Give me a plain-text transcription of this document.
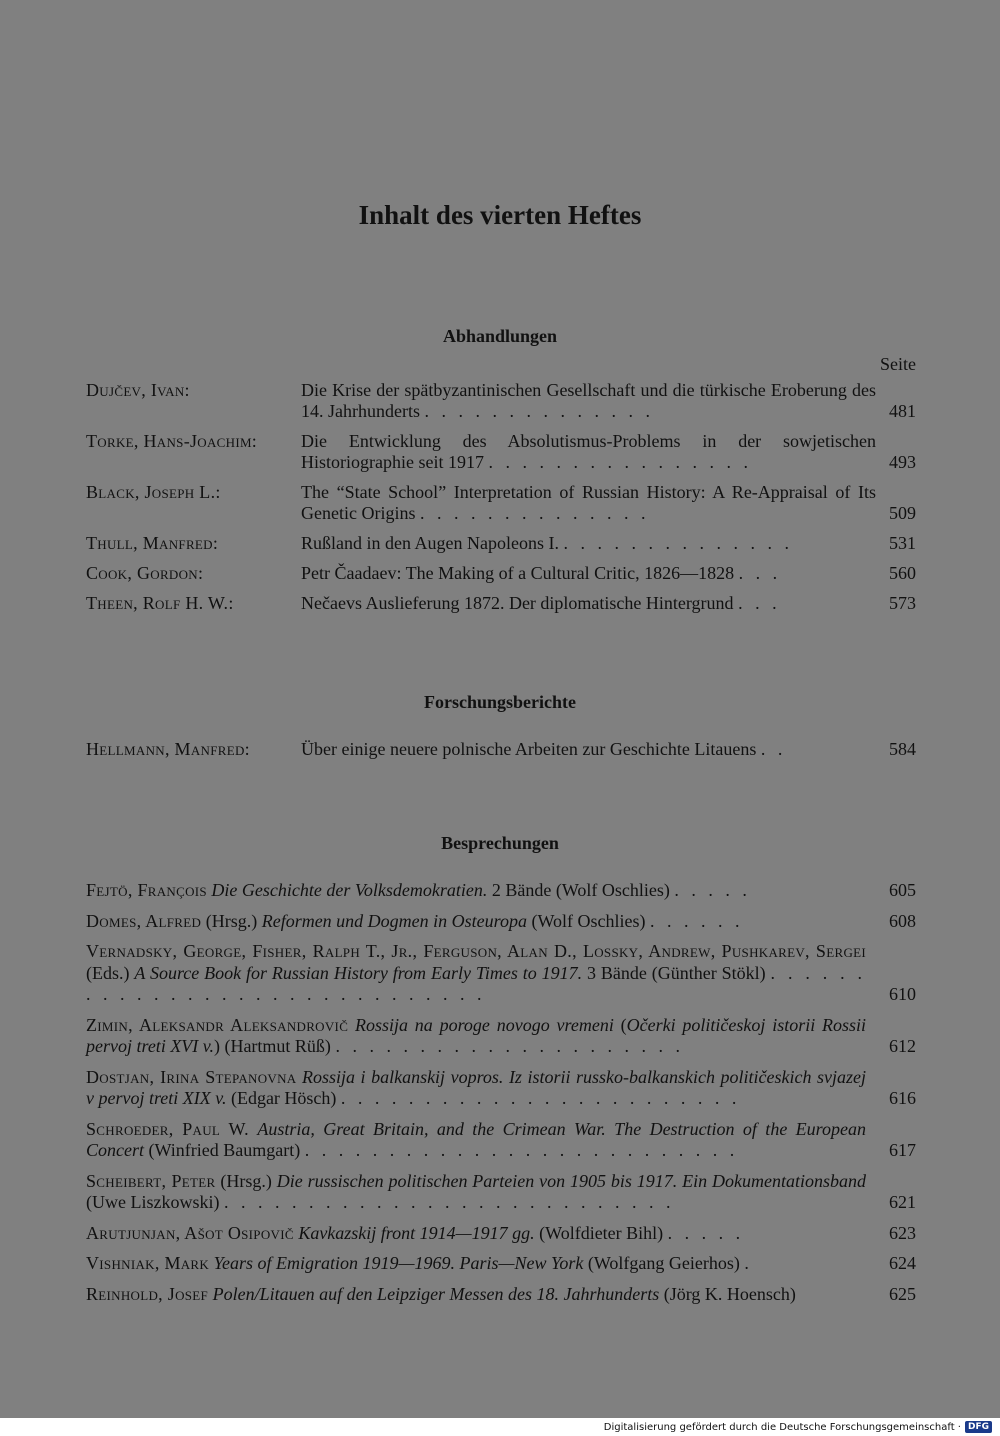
Inhalt des vierten Heftes
Abhandlungen
Seite
Dujčev, Ivan:	Die Krise der spätbyzantinischen Gesellschaft und die türkische Eroberung des 14. Jahrhunderts . . . . . . . . . . . . . .	481
Torke, Hans-Joachim:	Die Entwicklung des Absolutismus-Problems in der sowjetischen Historiographie seit 1917 . . . . . . . . . . . . . . . .	493
Black, Joseph L.:	The “State School” Interpretation of Russian History: A Re-Appraisal of Its Genetic Origins . . . . . . . . . . . . . .	509
Thull, Manfred:	Rußland in den Augen Napoleons I. . . . . . . . . . . . . . .	531
Cook, Gordon:	Petr Čaadaev: The Making of a Cultural Critic, 1826—1828 . . .	560
Theen, Rolf H. W.:	Nečaevs Auslieferung 1872. Der diplomatische Hintergrund . . .	573
Forschungsberichte
Hellmann, Manfred:	Über einige neuere polnische Arbeiten zur Geschichte Litauens . .	584
Besprechungen
Fejtö, François Die Geschichte der Volksdemokratien. 2 Bände (Wolf Oschlies) . . . . .	605
Domes, Alfred (Hrsg.) Reformen und Dogmen in Osteuropa (Wolf Oschlies) . . . . . .	608
Vernadsky, George, Fisher, Ralph T., Jr., Ferguson, Alan D., Lossky, Andrew, Pushkarev, Sergei (Eds.) A Source Book for Russian History from Early Times to 1917. 3 Bände (Günther Stökl) . . . . . . . . . . . . . . . . . . . . . . . . . . . . . .	610
Zimin, Aleksandr Aleksandrovič Rossija na poroge novogo vremeni (Očerki političeskoj istorii Rossii pervoj treti XVI v.) (Hartmut Rüß) . . . . . . . . . . . . . . . . . . . . .	612
Dostjan, Irina Stepanovna Rossija i balkanskij vopros. Iz istorii russko-balkanskich političeskich svjazej v pervoj treti XIX v. (Edgar Hösch) . . . . . . . . . . . . . . . . . . . . . . . .	616
Schroeder, Paul W. Austria, Great Britain, and the Crimean War. The Destruction of the European Concert (Winfried Baumgart) . . . . . . . . . . . . . . . . . . . . . . . . . .	617
Scheibert, Peter (Hrsg.) Die russischen politischen Parteien von 1905 bis 1917. Ein Dokumentationsband (Uwe Liszkowski) . . . . . . . . . . . . . . . . . . . . . . . . . . .	621
Arutjunjan, Ašot Osipovič Kavkazskij front 1914—1917 gg. (Wolfdieter Bihl) . . . . .	623
Vishniak, Mark Years of Emigration 1919—1969. Paris—New York (Wolfgang Geierhos) .	624
Reinhold, Josef Polen/Litauen auf den Leipziger Messen des 18. Jahrhunderts (Jörg K. Hoensch)	625
Digitalisierung gefördert durch die Deutsche Forschungsgemeinschaft · DFG
